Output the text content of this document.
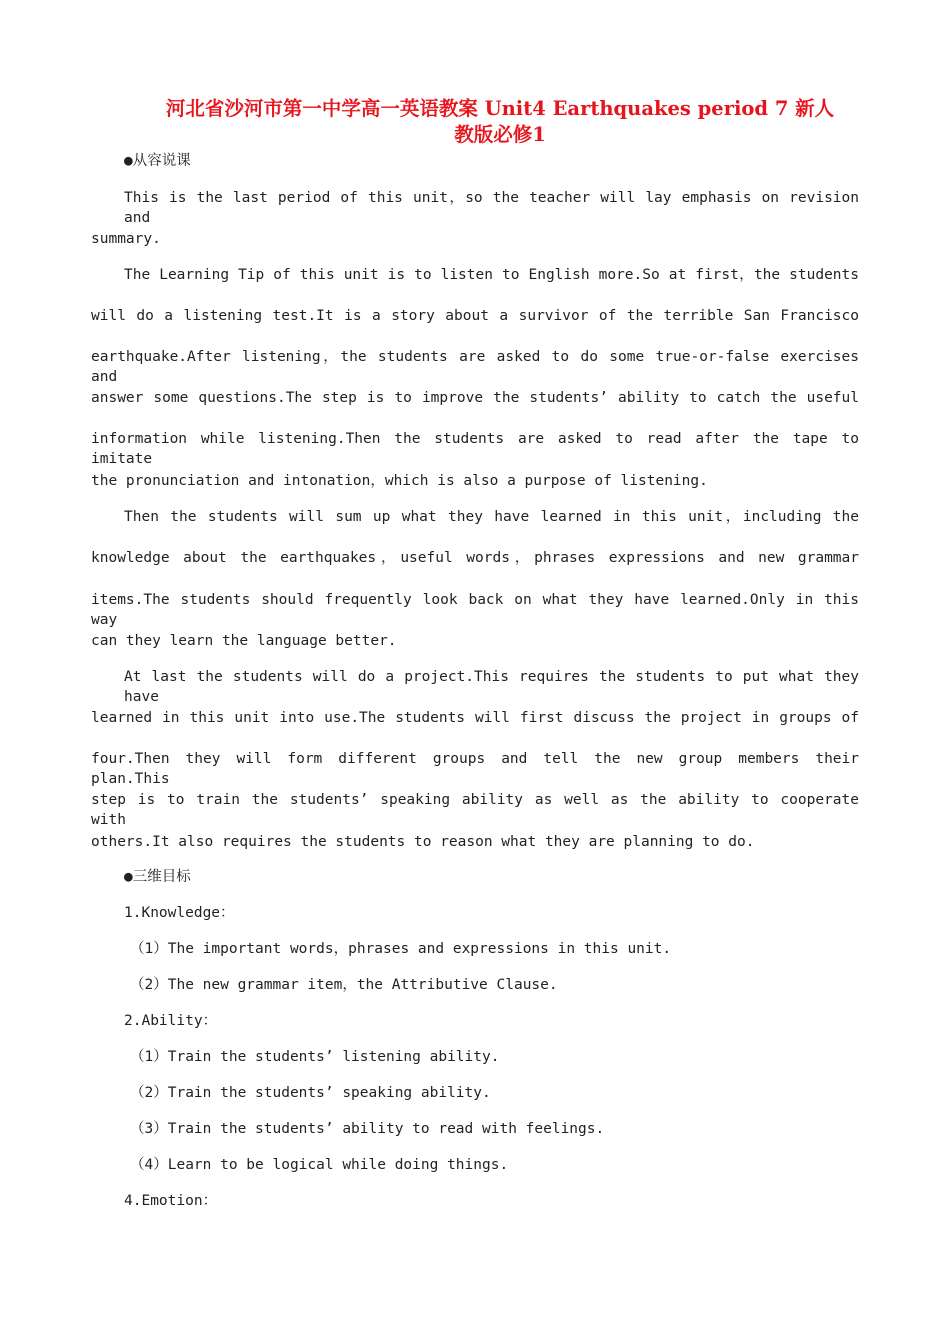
河北省沙河市第一中学高一英语教案 Unit4 Earthquakes period 7 新人
教版必修1
●从容说课
This is the last period of this unit，so the teacher will lay emphasis on revision and
summary.
The Learning Tip of this unit is to listen to English more.So at first，the students
will do a listening test.It is a story about a survivor of the terrible San Francisco
earthquake.After listening，the students are asked to do some true-or-false exercises and
answer some questions.The step is to improve the students’ ability to catch the useful
information while listening.Then the students are asked to read after the tape to imitate
the pronunciation and intonation，which is also a purpose of listening.
Then the students will sum up what they have learned in this unit，including the
knowledge about the earthquakes，useful words，phrases expressions and new grammar
items.The students should frequently look back on what they have learned.Only in this way
can they learn the language better.
At last the students will do a project.This requires the students to put what they have
learned in this unit into use.The students will first discuss the project in groups of
four.Then they will form different groups and tell the new group members their plan.This
step is to train the students’ speaking ability as well as the ability to cooperate with
others.It also requires the students to reason what they are planning to do.
●三维目标
1.Knowledge：
（1）The important words，phrases and expressions in this unit.
（2）The new grammar item，the Attributive Clause.
2.Ability：
（1）Train the students’ listening ability.
（2）Train the students’ speaking ability.
（3）Train the students’ ability to read with feelings.
（4）Learn to be logical while doing things.
4.Emotion：
